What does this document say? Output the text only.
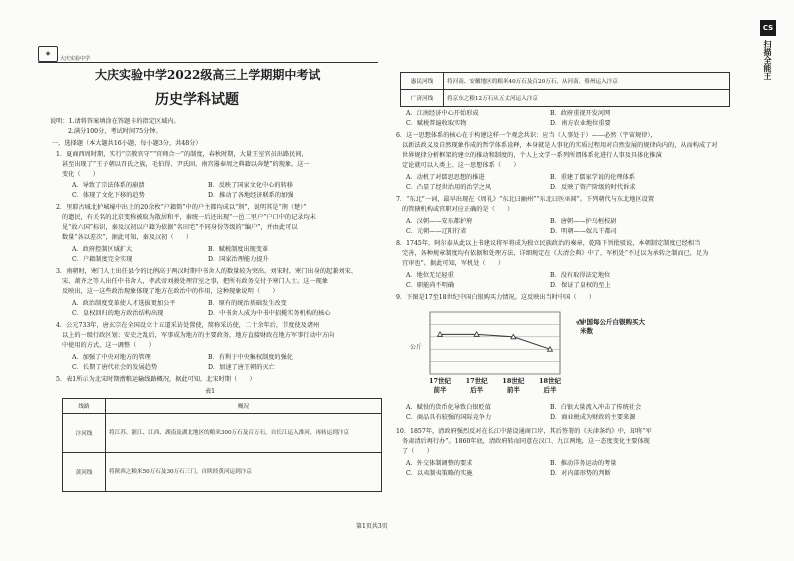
◈
大庆实验中学
大庆实验中学2022级高三上学期期中考试
历史学科试题
说明：1.请将答案填涂在答题卡的指定区域内。
2.满分100分，考试时间75分钟。
一、选择题（本大题共16小题，每小题3分，共48分）
1．夏商西周时期，实行“宗教官守”“官师合一”的制度，春秋时期，大量王室官员出路民间，
甚至出现了“王子朝以召氏之族，毛伯得、尹氏固、南宫嚣奉周之典籍以奔楚”的现象。这一
变化（　　）
A．导致了宗法体系的崩溃	B．反映了国家文化中心的转移
C．体现了文化下移的趋势	D．推动了各地经济联系的加强
2．里耶古城北护城壕中出土的20余枚“户籍简”中的户主都均成以“荆”，说明其是“荆（楚）”
的遗民，有关名的北京变称被取为散居和平，秦统一后还出现“一邑二里户”户口中的记录均未
见“故六国”标识，秦及汉初以户籍为依据“名田宅”不同身份等级的“编户”，并由此可以
数量“各以差次”，据此可知，秦及汉初（　　）
A．政府控制区域扩大	B．赋税制度出现变革
C．户籍制度完全实现	D．国家治理能力提升
3．南朝时，寒门人士出任县令的比例高于两汉时期中书舍人的数量较为突出。刘宋时，寒门出身的起兼刘宋、
宋、萧齐之等人出任中书舍人，孝武帝刘骏处理宫室之事，把所有政务交付予寒门人士。这一现象
反映出，这一这些政治现象体现了地方在政治中的作用，这种现象说明（　　）
A．政治制度变革使人才选拔更加公平	B．原有的统治基础发生改变
C．皇权回归的地方政治结构出现	D．中书舍人成为中书中招揽实务机构的核心
4．公元733年，唐玄宗在全国设立十五道采访处置使，简称采访使，二十余年后，节度使及诸州
以上的一级行政区划；安史之乱后，军事成为地方的主要政务，地方直接财政在地方军事行动中方向
中使用的方式，这一调整（　　）
A．加强了中央对地方的管理	B．有利于中央集权制度的强化
C．长期了唐代社会的发展趋势	D．加速了唐王朝的灭亡
5．表1所示为北宋时期漕粮运输线路概况，据此可知，北宋时期（　　）
表1
线路	概况
汴河线	将江苏、浙江、江西、湖南及湖北地区的粮米300万石及百万石，自长江运入淮河，再转运到汴京
黄河线	将陕西之粮米50万石及30万石三门，自陕经黄河运到汴京
惠民河线	将河南、安徽地区的粮米40万石及百20万石，从河南、蔡州运入汴京
广济河线	将京东之粮12万石从五丈河运入汴京
A．江南经济中心开始形成	B．政府重视开发河网
C．赋税普遍收取实物	D．南方农业地位重要
6．这一思想体系的核心在于构建这样一个观念共识：应当（人事处于）——必然（宇宙规律），
以新法政义及自然现象作成的哲学体系诠释，本身就是人事化的实质过程用对自然发展的规律向内的，从而构成了对
世界规律分析框架的建立的推动和制度的，个人上文学一系列所谓体系化进行人事及具体化推演
定论就可以人类上。这一思想体系（　　）
A．动机了对儒思思想的推进	B．重建了儒家学说的伦理体系
C．凸显了经世治用的治学之风	D．反映了资产阶级的时代诉求
7．“东北”一词，最早出现在《周礼》“东北曰幽州”“东北曰医巫闾”。下列朝代与东北地区设置
的管辖机构或官职对应正确的是（　　）
A．汉朝——安东都护府	B．唐朝——护乌桓校尉
C．元朝——辽阳行省	D．明朝——奴儿干都司
8．1745年，阿尔泰从此以上书建议将军将成为独立民族政治的奏章，乾隆下旨批驳说，本朝制定制度已经相当
完善，各种规章制度均有依据和处理方法，详细规定在《大清会典》中了，军机处“不过以为承转之制而已，足为
宜审也”。据此可知，军机处（　　）
A．地位无足轻重	B．没有取得法定地位
C．职能尚不明确	D．保证了皇权的至上
9．下图是17至18世纪中国白银购买力情况。这反映出当时中国（　　）
17世纪
前半
17世纪
后半
18世纪
前半
18世纪
后半
公斤
中国每公斤白银购买大米数
A．赋役的货币化导致白银贬值	B．白银大量流入冲击了传统社会
C．商品具有较强的国际竞争力	D．商业税成为财政的主要来源
10．1857年，清政府强烈反对在长江中游设通商口岸，其后签署的《天津条约》中，却将“军
务肃清后再行办”。1860年底，清政府转而同意在汉口、九江两地，这一态度变化主要体现
了（　　）
A．外交体制调整的要求	B．推动洋务运动的考量
C．以夷制夷策略的实施	D．对内部形势的判断
第1页共3页
CS
扫描全能王
